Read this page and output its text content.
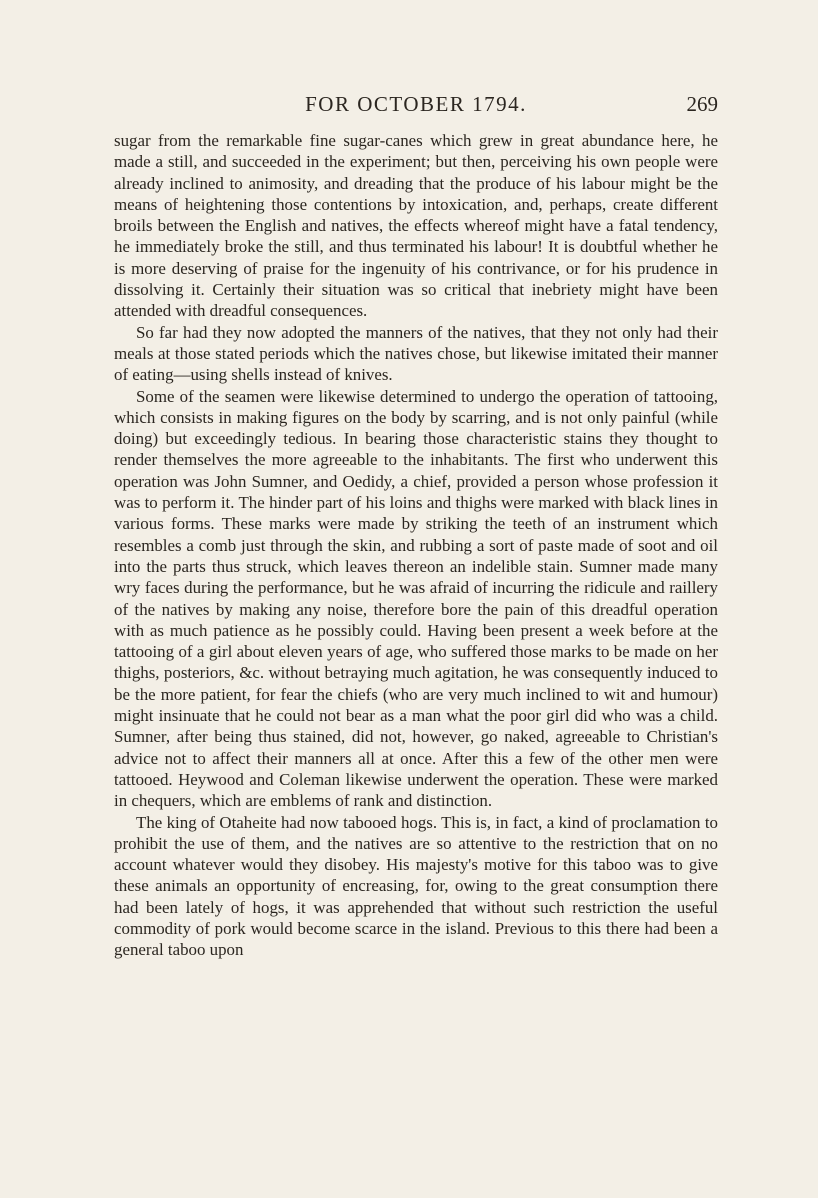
FOR OCTOBER 1794.	269

sugar from the remarkable fine sugar-canes which grew in great abundance here, he made a still, and succeeded in the experiment; but then, perceiving his own people were already inclined to animosity, and dreading that the produce of his labour might be the means of heightening those contentions by intoxication, and, perhaps, create different broils between the English and natives, the effects whereof might have a fatal tendency, he immediately broke the still, and thus terminated his labour! It is doubtful whether he is more deserving of praise for the ingenuity of his contrivance, or for his prudence in dissolving it. Certainly their situation was so critical that inebriety might have been attended with dreadful consequences.

So far had they now adopted the manners of the natives, that they not only had their meals at those stated periods which the natives chose, but likewise imitated their manner of eating—using shells instead of knives.

Some of the seamen were likewise determined to undergo the operation of tattooing, which consists in making figures on the body by scarring, and is not only painful (while doing) but exceedingly tedious. In bearing those characteristic stains they thought to render themselves the more agreeable to the inhabitants. The first who underwent this operation was John Sumner, and Oedidy, a chief, provided a person whose profession it was to perform it. The hinder part of his loins and thighs were marked with black lines in various forms. These marks were made by striking the teeth of an instrument which resembles a comb just through the skin, and rubbing a sort of paste made of soot and oil into the parts thus struck, which leaves thereon an indelible stain. Sumner made many wry faces during the performance, but he was afraid of incurring the ridicule and raillery of the natives by making any noise, therefore bore the pain of this dreadful operation with as much patience as he possibly could. Having been present a week before at the tattooing of a girl about eleven years of age, who suffered those marks to be made on her thighs, posteriors, &c. without betraying much agitation, he was consequently induced to be the more patient, for fear the chiefs (who are very much inclined to wit and humour) might insinuate that he could not bear as a man what the poor girl did who was a child. Sumner, after being thus stained, did not, however, go naked, agreeable to Christian's advice not to affect their manners all at once. After this a few of the other men were tattooed. Heywood and Coleman likewise underwent the operation. These were marked in chequers, which are emblems of rank and distinction.

The king of Otaheite had now tabooed hogs. This is, in fact, a kind of proclamation to prohibit the use of them, and the natives are so attentive to the restriction that on no account whatever would they disobey. His majesty's motive for this taboo was to give these animals an opportunity of encreasing, for, owing to the great consumption there had been lately of hogs, it was apprehended that without such restriction the useful commodity of pork would become scarce in the island. Previous to this there had been a general taboo upon
